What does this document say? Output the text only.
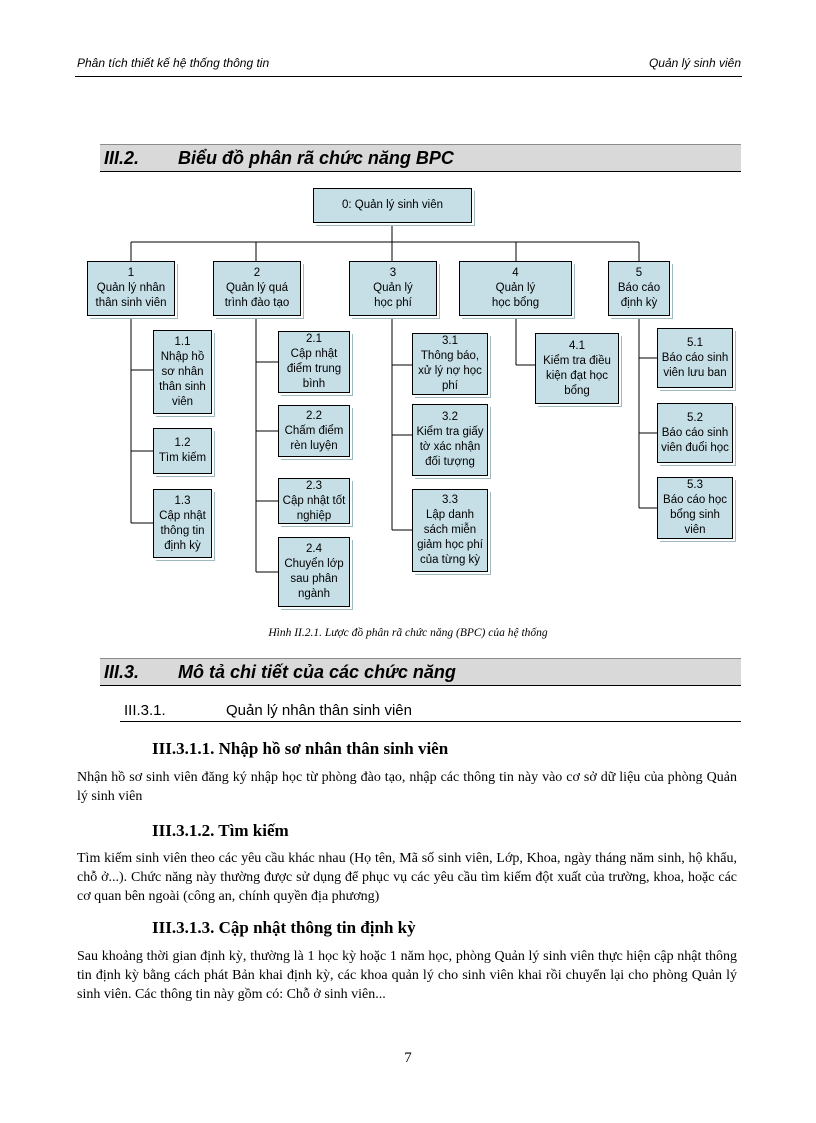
Phân tích thiết kế hệ thống thông tin	Quản lý sinh viên
III.2. Biểu đồ phân rã chức năng BPC
0: Quản lý sinh viên
1
Quản lý nhân
thân sinh viên
2
Quản lý quá
trình đào tạo
3
Quản lý
học phí
4
Quản lý
học bổng
5
Báo cáo
định kỳ
1.1
Nhập hồ
sơ nhân
thân sinh
viên
1.2
Tìm kiếm
1.3
Cập nhật
thông tin
định kỳ
2.1
Cập nhật
điểm trung
bình
2.2
Chấm điểm
rèn luyện
2.3
Cập nhật tốt
nghiệp
2.4
Chuyển lớp
sau phân
ngành
3.1
Thông báo,
xử lý nợ học
phí
3.2
Kiểm tra giấy
tờ xác nhận
đối tượng
3.3
Lập danh
sách miễn
giảm học phí
của từng kỳ
4.1
Kiểm tra điều
kiện đạt học
bổng
5.1
Báo cáo sinh
viên lưu ban
5.2
Báo cáo sinh
viên đuổi học
5.3
Báo cáo học
bổng sinh
viên
Hình II.2.1. Lược đồ phân rã chức năng (BPC) của hệ thống
III.3. Mô tả chi tiết của các chức năng
III.3.1.	Quản lý nhân thân sinh viên
III.3.1.1. Nhập hồ sơ nhân thân sinh viên
Nhận hồ sơ sinh viên đăng ký nhập học từ phòng đào tạo, nhập các thông tin này vào cơ sở dữ liệu của phòng Quản lý sinh viên
III.3.1.2. Tìm kiếm
Tìm kiếm sinh viên theo các yêu cầu khác nhau (Họ tên, Mã số sinh viên, Lớp, Khoa, ngày tháng năm sinh, hộ khẩu, chỗ ở...). Chức năng này thường được sử dụng để phục vụ các yêu cầu tìm kiếm đột xuất của trường, khoa, hoặc các cơ quan bên ngoài (công an, chính quyền địa phương)
III.3.1.3. Cập nhật thông tin định kỳ
Sau khoảng thời gian định kỳ, thường là 1 học kỳ hoặc 1 năm học, phòng Quản lý sinh viên thực hiện cập nhật thông tin định kỳ bằng cách phát Bản khai định kỳ, các khoa quản lý cho sinh viên khai rồi chuyển lại cho phòng Quản lý sinh viên. Các thông tin này gồm có: Chỗ ở sinh viên...
7
